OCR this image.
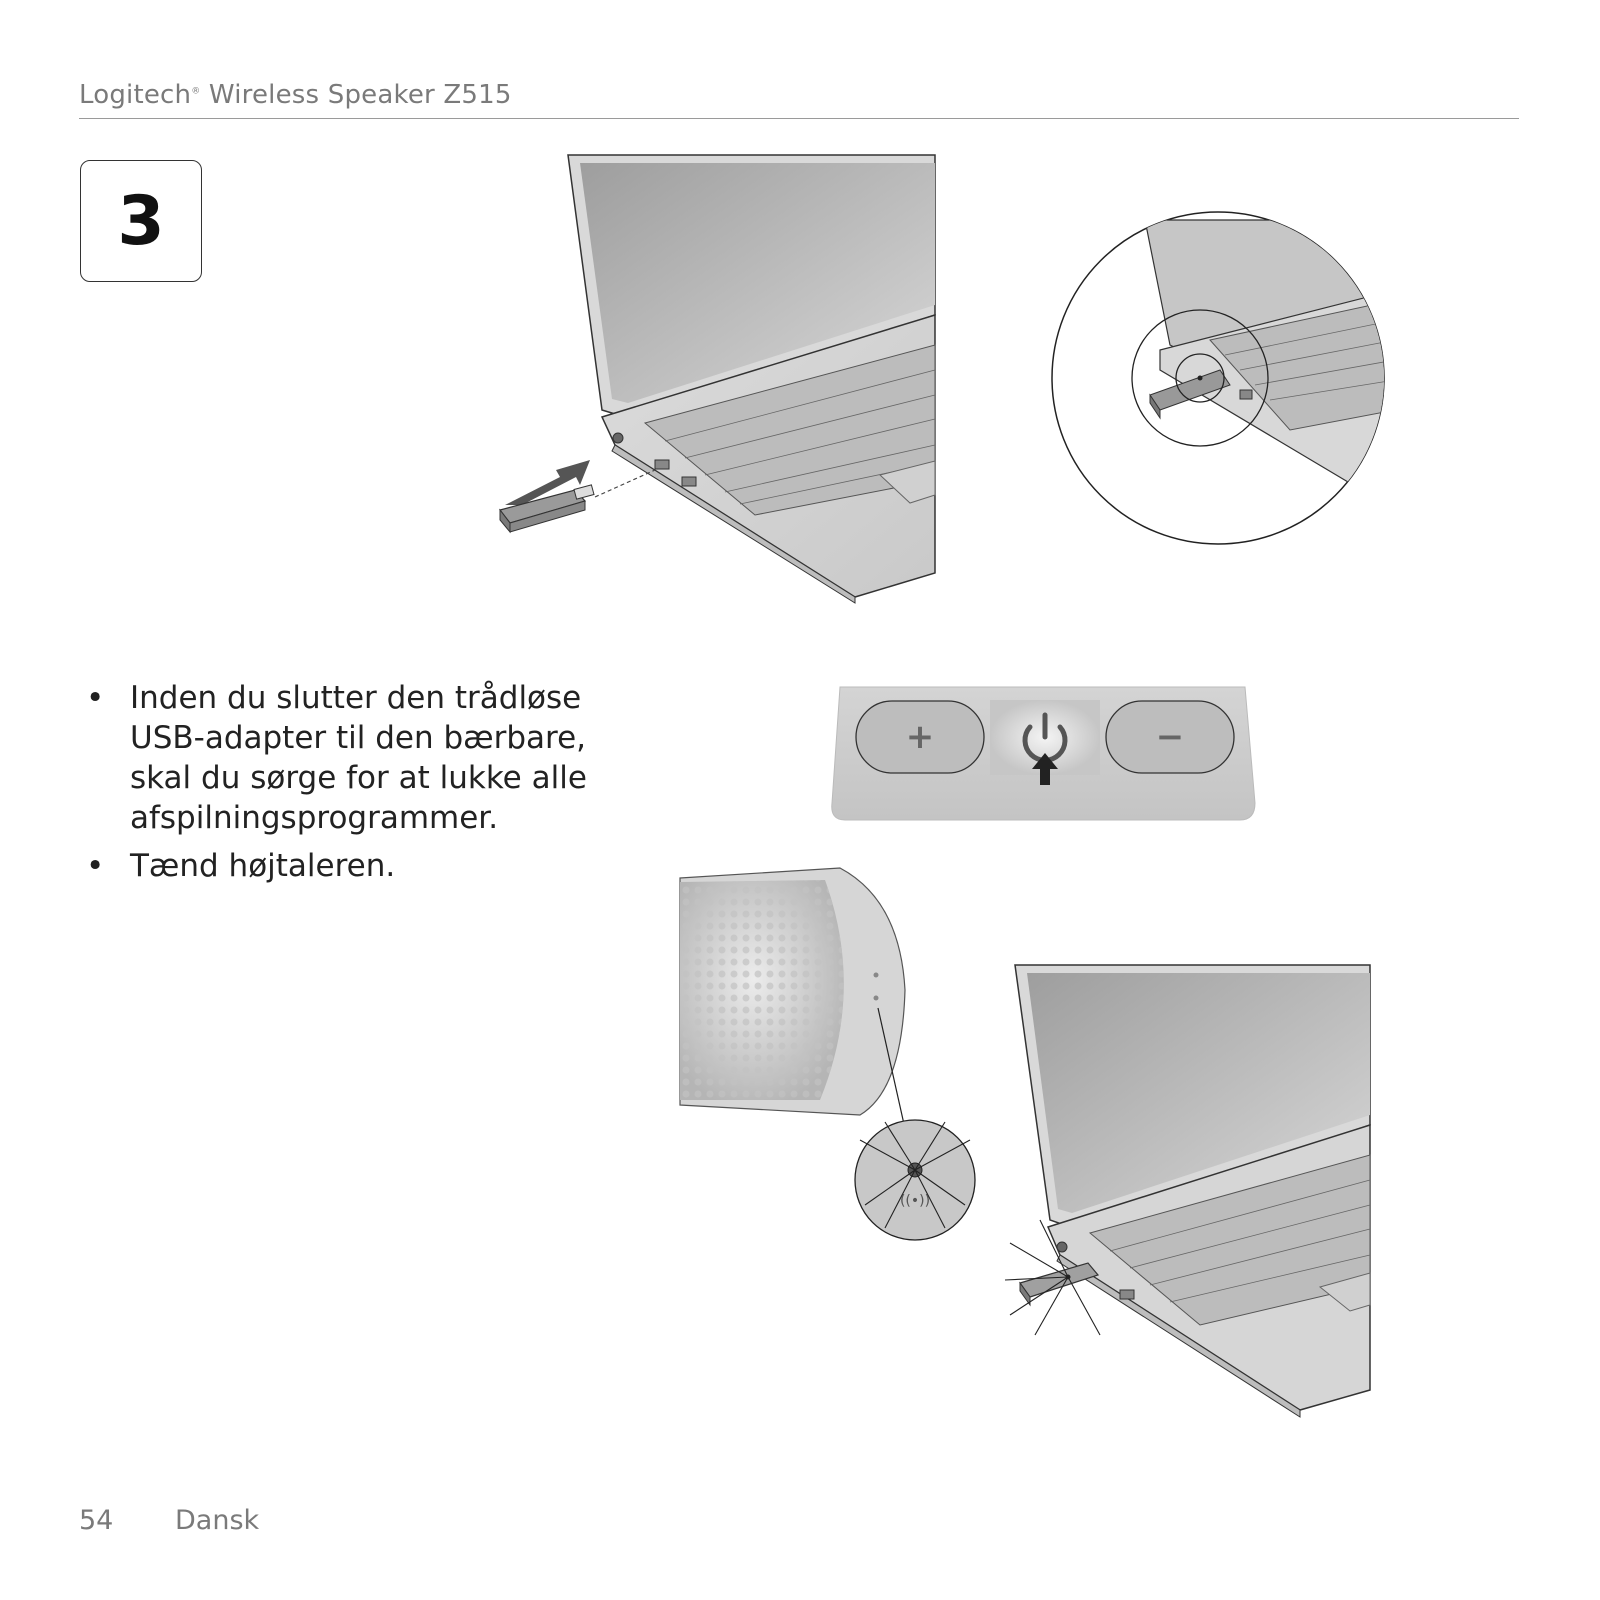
Logitech® Wireless Speaker Z515
3
+	−
((•))
• Inden du slutter den trådløse USB-adapter til den bærbare, skal du sørge for at lukke alle afspilningsprogrammer.
• Tænd højtaleren.
54 Dansk
